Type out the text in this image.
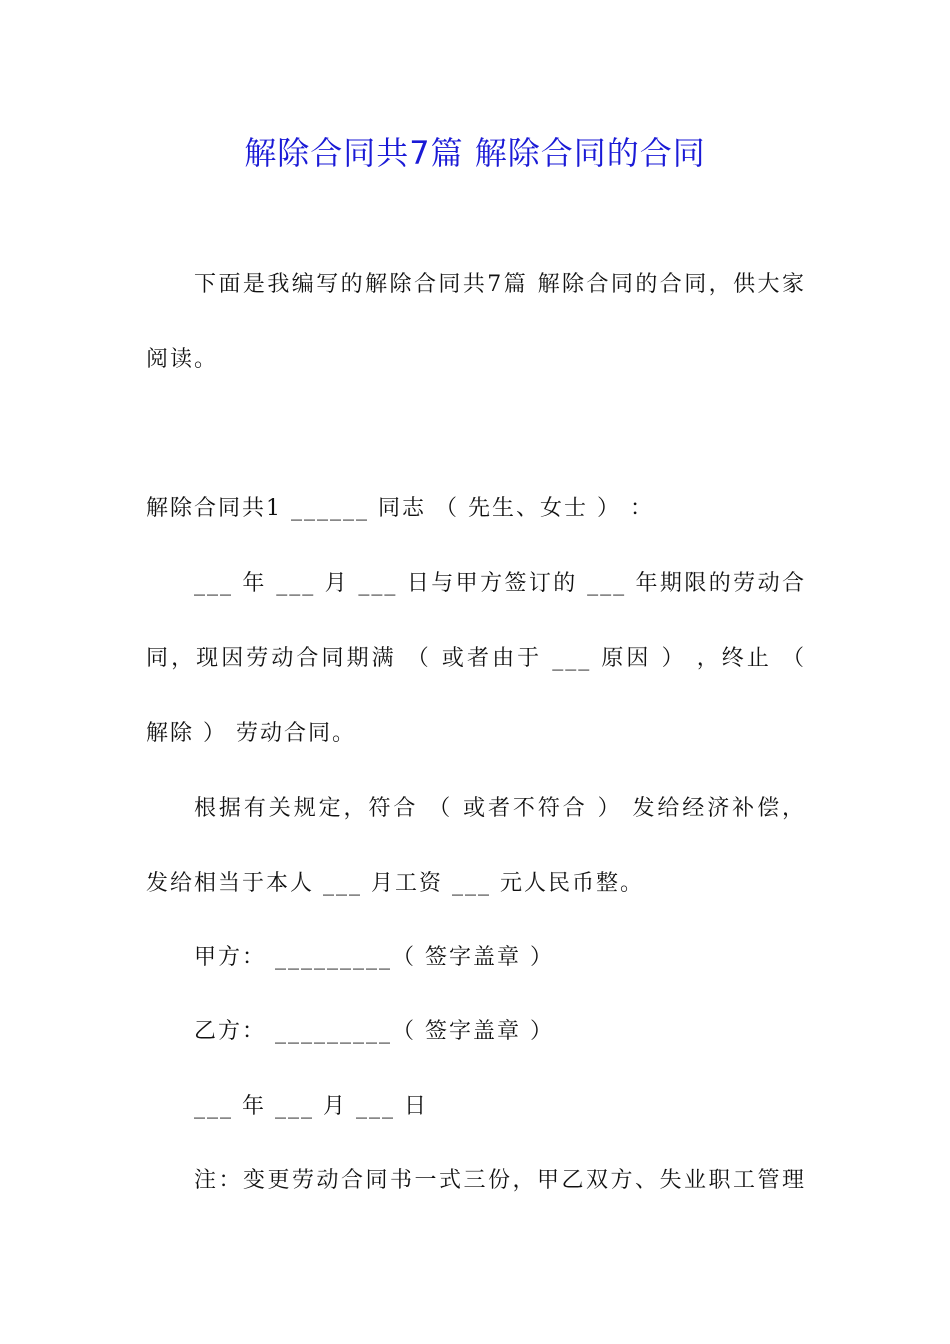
解除合同共7篇 解除合同的合同
下面是我编写的解除合同共7篇 解除合同的合同，供大家
阅读。
解除合同共1 ______ 同志 （ 先生、女士 ） ：
___ 年 ___ 月 ___ 日与甲方签订的 ___ 年期限的劳动合
同，现因劳动合同期满 （ 或者由于 ___ 原因 ） ，终止 （
解除 ） 劳动合同。
根据有关规定，符合 （ 或者不符合 ） 发给经济补偿，
发给相当于本人 ___ 月工资 ___ 元人民币整。
甲方： _________（ 签字盖章 ）
乙方： _________（ 签字盖章 ）
___ 年 ___ 月 ___ 日
注：变更劳动合同书一式三份，甲乙双方、失业职工管理
